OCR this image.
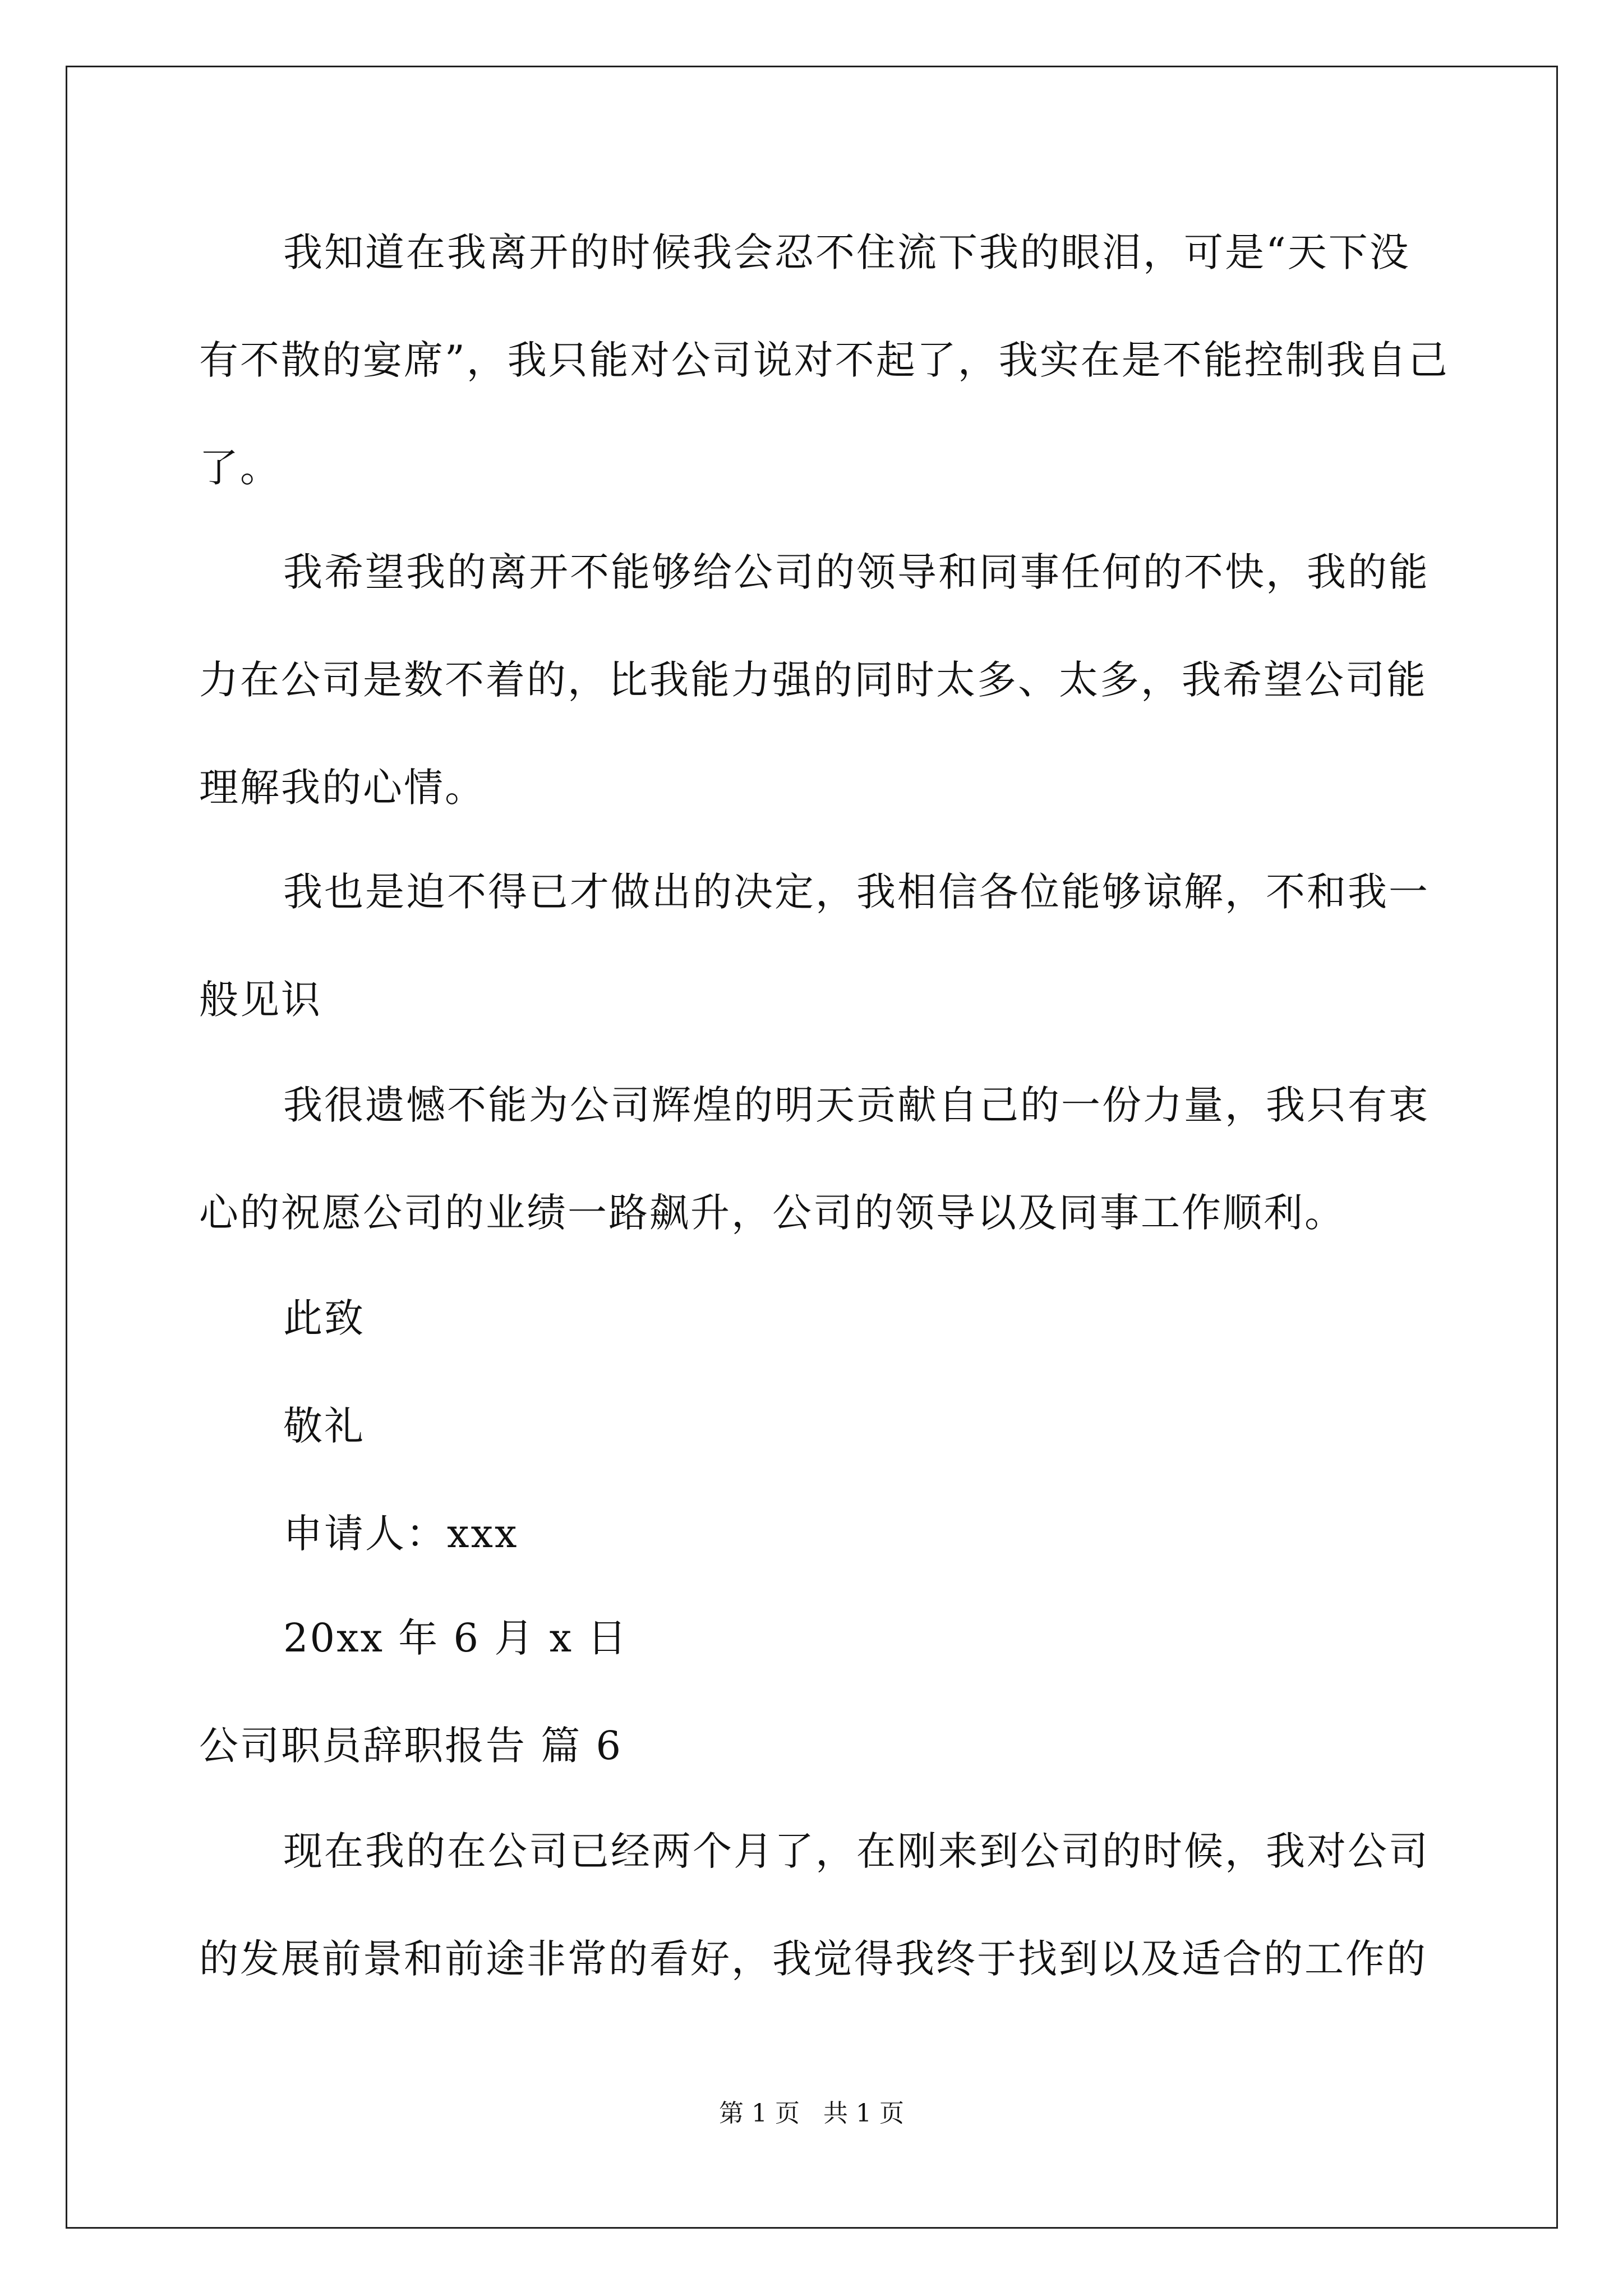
我知道在我离开的时候我会忍不住流下我的眼泪，可是“天下没
有不散的宴席”，我只能对公司说对不起了，我实在是不能控制我自己
了。
我希望我的离开不能够给公司的领导和同事任何的不快，我的能
力在公司是数不着的，比我能力强的同时太多、太多，我希望公司能
理解我的心情。
我也是迫不得已才做出的决定，我相信各位能够谅解，不和我一
般见识
我很遗憾不能为公司辉煌的明天贡献自己的一份力量，我只有衷
心的祝愿公司的业绩一路飙升，公司的领导以及同事工作顺利。
此致
敬礼
申请人：xxx
20xx 年 6 月 x 日
公司职员辞职报告 篇 6
现在我的在公司已经两个月了，在刚来到公司的时候，我对公司
的发展前景和前途非常的看好，我觉得我终于找到以及适合的工作的
第 1 页   共 1 页
